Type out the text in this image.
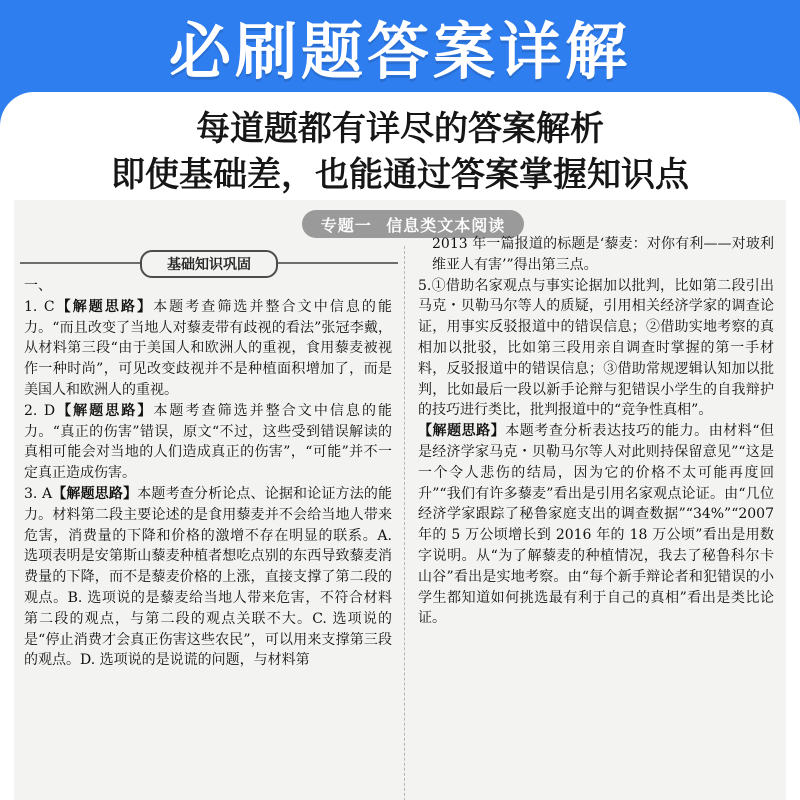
必刷题答案详解
每道题都有详尽的答案解析
即使基础差，也能通过答案掌握知识点
专题一 信息类文本阅读
基础知识巩固

一、

1. C【解题思路】本题考查筛选并整合文中信息的能力。“而且改变了当地人对藜麦带有歧视的看法”张冠李戴，从材料第三段“由于美国人和欧洲人的重视，食用藜麦被视作一种时尚”，可见改变歧视并不是种植面积增加了，而是美国人和欧洲人的重视。

2. D【解题思路】本题考查筛选并整合文中信息的能力。“真正的伤害”错误，原文“不过，这些受到错误解读的真相可能会对当地的人们造成真正的伤害”，“可能”并不一定真正造成伤害。

3. A【解题思路】本题考查分析论点、论据和论证方法的能力。材料第二段主要论述的是食用藜麦并不会给当地人带来危害，消费量的下降和价格的激增不存在明显的联系。A. 选项表明是安第斯山藜麦种植者想吃点别的东西导致藜麦消费量的下降，而不是藜麦价格的上涨，直接支撑了第二段的观点。B. 选项说的是藜麦给当地人带来危害，不符合材料第二段的观点，与第二段的观点关联不大。C. 选项说的是“停止消费才会真正伤害这些农民”，可以用来支撑第三段的观点。D. 选项说的是说谎的问题，与材料第

2013 年一篇报道的标题是‘藜麦：对你有利——对玻利维亚人有害’”得出第三点。

5.①借助名家观点与事实论据加以批判，比如第二段引出马克・贝勒马尔等人的质疑，引用相关经济学家的调查论证，用事实反驳报道中的错误信息；②借助实地考察的真相加以批驳，比如第三段用亲自调查时掌握的第一手材料，反驳报道中的错误信息；③借助常规逻辑认知加以批判，比如最后一段以新手论辩与犯错误小学生的自我辩护的技巧进行类比，批判报道中的“竞争性真相”。

【解题思路】本题考查分析表达技巧的能力。由材料“但是经济学家马克・贝勒马尔等人对此则持保留意见”“这是一个令人悲伤的结局，因为它的价格不太可能再度回升”“我们有许多藜麦”看出是引用名家观点论证。由“几位经济学家跟踪了秘鲁家庭支出的调查数据”“34%”“2007 年的 5 万公顷增长到 2016 年的 18 万公顷”看出是用数字说明。从“为了解藜麦的种植情况，我去了秘鲁科尔卡山谷”看出是实地考察。由“每个新手辩论者和犯错误的小学生都知道如何挑选最有利于自己的真相”看出是类比论证。
